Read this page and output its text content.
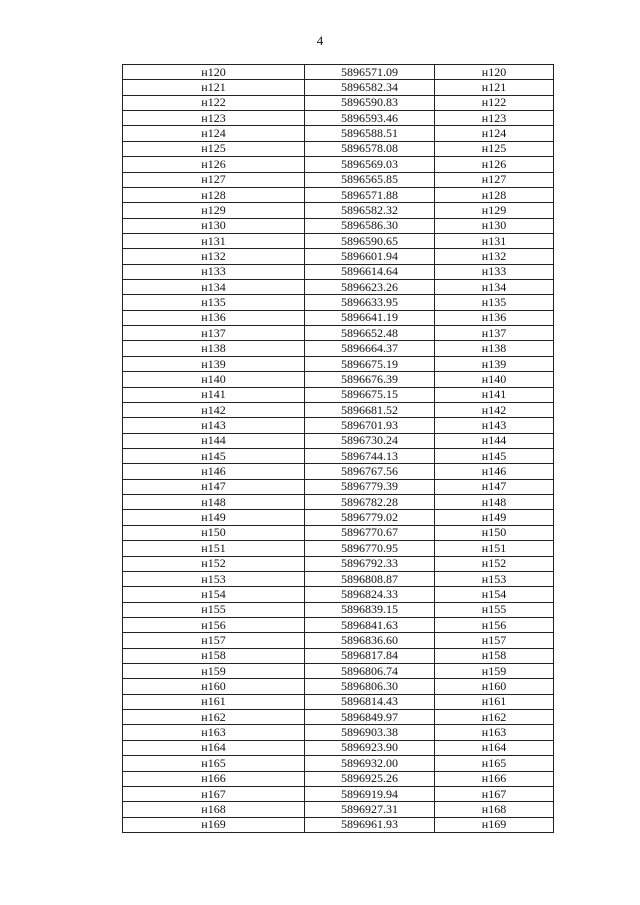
4
н120	5896571.09	н120
н121	5896582.34	н121
н122	5896590.83	н122
н123	5896593.46	н123
н124	5896588.51	н124
н125	5896578.08	н125
н126	5896569.03	н126
н127	5896565.85	н127
н128	5896571.88	н128
н129	5896582.32	н129
н130	5896586.30	н130
н131	5896590.65	н131
н132	5896601.94	н132
н133	5896614.64	н133
н134	5896623.26	н134
н135	5896633.95	н135
н136	5896641.19	н136
н137	5896652.48	н137
н138	5896664.37	н138
н139	5896675.19	н139
н140	5896676.39	н140
н141	5896675.15	н141
н142	5896681.52	н142
н143	5896701.93	н143
н144	5896730.24	н144
н145	5896744.13	н145
н146	5896767.56	н146
н147	5896779.39	н147
н148	5896782.28	н148
н149	5896779.02	н149
н150	5896770.67	н150
н151	5896770.95	н151
н152	5896792.33	н152
н153	5896808.87	н153
н154	5896824.33	н154
н155	5896839.15	н155
н156	5896841.63	н156
н157	5896836.60	н157
н158	5896817.84	н158
н159	5896806.74	н159
н160	5896806.30	н160
н161	5896814.43	н161
н162	5896849.97	н162
н163	5896903.38	н163
н164	5896923.90	н164
н165	5896932.00	н165
н166	5896925.26	н166
н167	5896919.94	н167
н168	5896927.31	н168
н169	5896961.93	н169
